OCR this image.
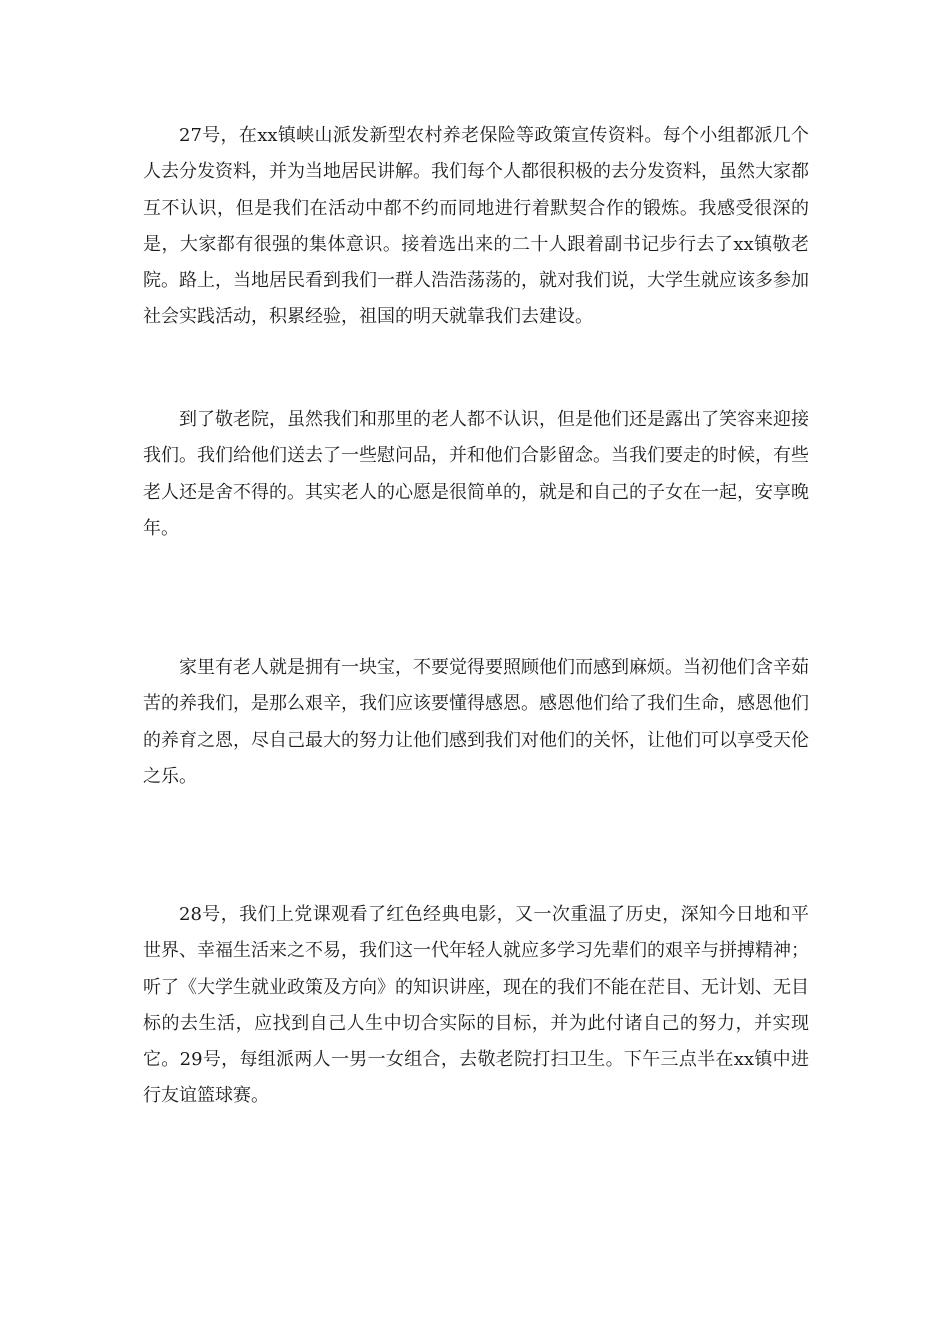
27号，在xx镇峡山派发新型农村养老保险等政策宣传资料。每个小组都派几个人去分发资料，并为当地居民讲解。我们每个人都很积极的去分发资料，虽然大家都互不认识，但是我们在活动中都不约而同地进行着默契合作的锻炼。我感受很深的是，大家都有很强的集体意识。接着选出来的二十人跟着副书记步行去了xx镇敬老院。路上，当地居民看到我们一群人浩浩荡荡的，就对我们说，大学生就应该多参加社会实践活动，积累经验，祖国的明天就靠我们去建设。

到了敬老院，虽然我们和那里的老人都不认识，但是他们还是露出了笑容来迎接我们。我们给他们送去了一些慰问品，并和他们合影留念。当我们要走的时候，有些老人还是舍不得的。其实老人的心愿是很简单的，就是和自己的子女在一起，安享晚年。

家里有老人就是拥有一块宝，不要觉得要照顾他们而感到麻烦。当初他们含辛茹苦的养我们，是那么艰辛，我们应该要懂得感恩。感恩他们给了我们生命，感恩他们的养育之恩，尽自己最大的努力让他们感到我们对他们的关怀，让他们可以享受天伦之乐。

28号，我们上党课观看了红色经典电影，又一次重温了历史，深知今日地和平世界、幸福生活来之不易，我们这一代年轻人就应多学习先辈们的艰辛与拼搏精神；听了《大学生就业政策及方向》的知识讲座，现在的我们不能在茫目、无计划、无目标的去生活，应找到自己人生中切合实际的目标，并为此付诸自己的努力，并实现它。29号，每组派两人一男一女组合，去敬老院打扫卫生。下午三点半在xx镇中进行友谊篮球赛。
